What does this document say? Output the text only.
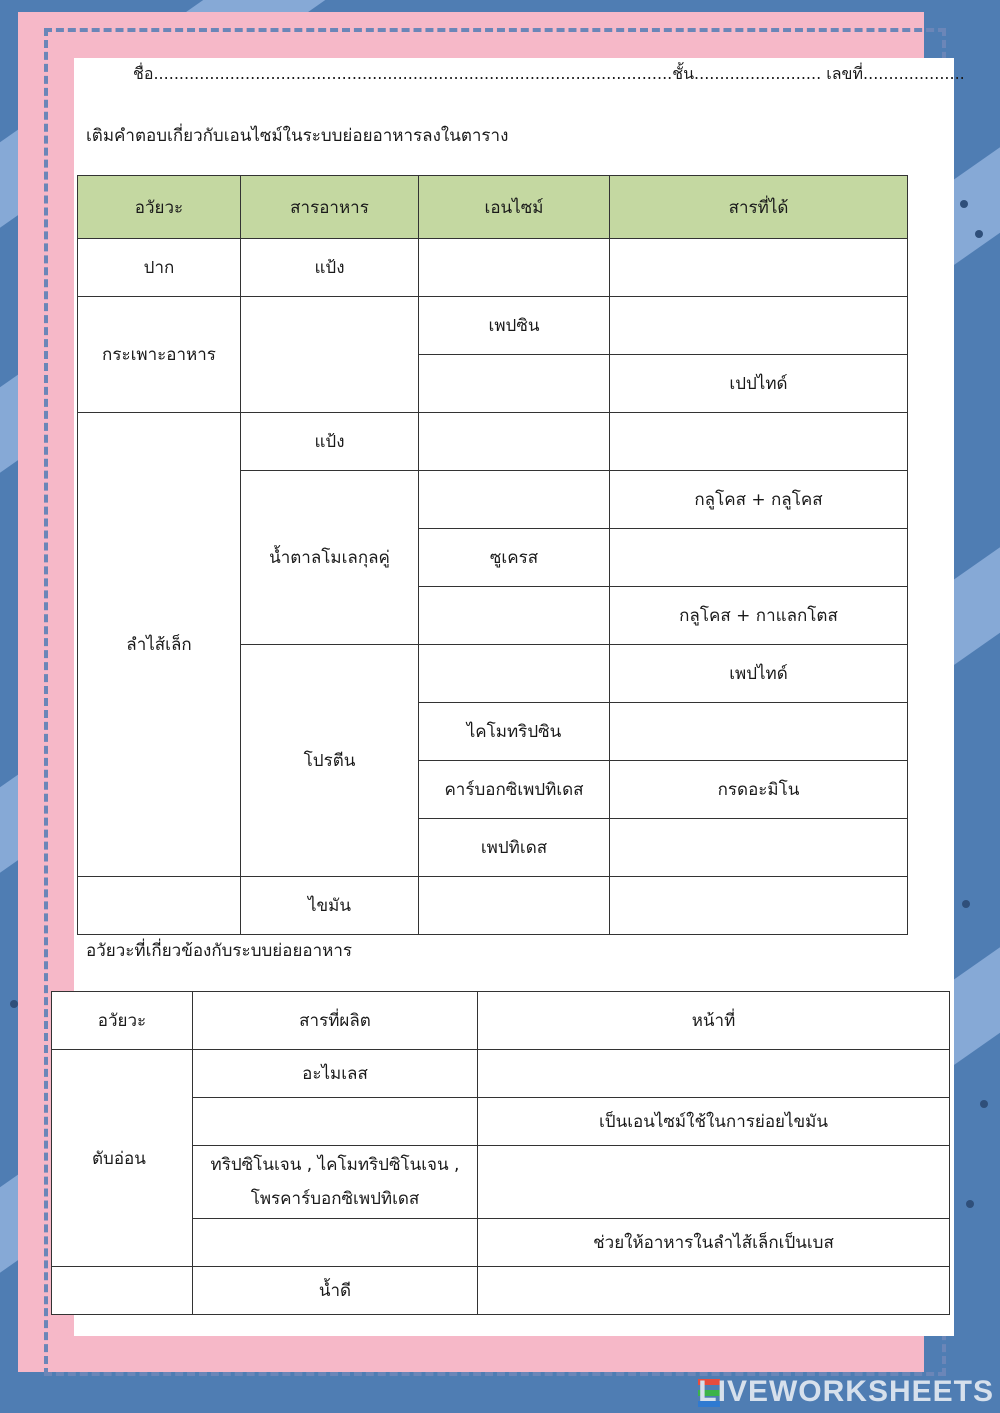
ชื่อ......................................................................................................ชั้น......................... เลขที่....................
เติมคำตอบเกี่ยวกับเอนไซม์ในระบบย่อยอาหารลงในตาราง
อวัยวะ	สารอาหาร	เอนไซม์	สารที่ได้
ปาก	แป้ง		
กระเพาะอาหาร		เพปซิน	
			เปปไทด์
ลำไส้เล็ก	แป้ง		
	น้ำตาลโมเลกุลคู่		กลูโคส + กลูโคส
		ซูเครส	
			กลูโคส + กาแลกโตส
	โปรตีน		เพปไทด์
		ไคโมทริปซิน	
		คาร์บอกซิเพปทิเดส	กรดอะมิโน
		เพปทิเดส	
	ไขมัน		
อวัยวะที่เกี่ยวข้องกับระบบย่อยอาหาร
อวัยวะ	สารที่ผลิต	หน้าที่
ตับอ่อน	อะไมเลส	
		เป็นเอนไซม์ใช้ในการย่อยไขมัน

	ทริปซิโนเจน , ไคโมทริปซิโนเจน ,
โพรคาร์บอกซิเพปทิเดส	

		ช่วยให้อาหารในลำไส้เล็กเป็นเบส
	น้ำดี	
LIVEWORKSHEETS
